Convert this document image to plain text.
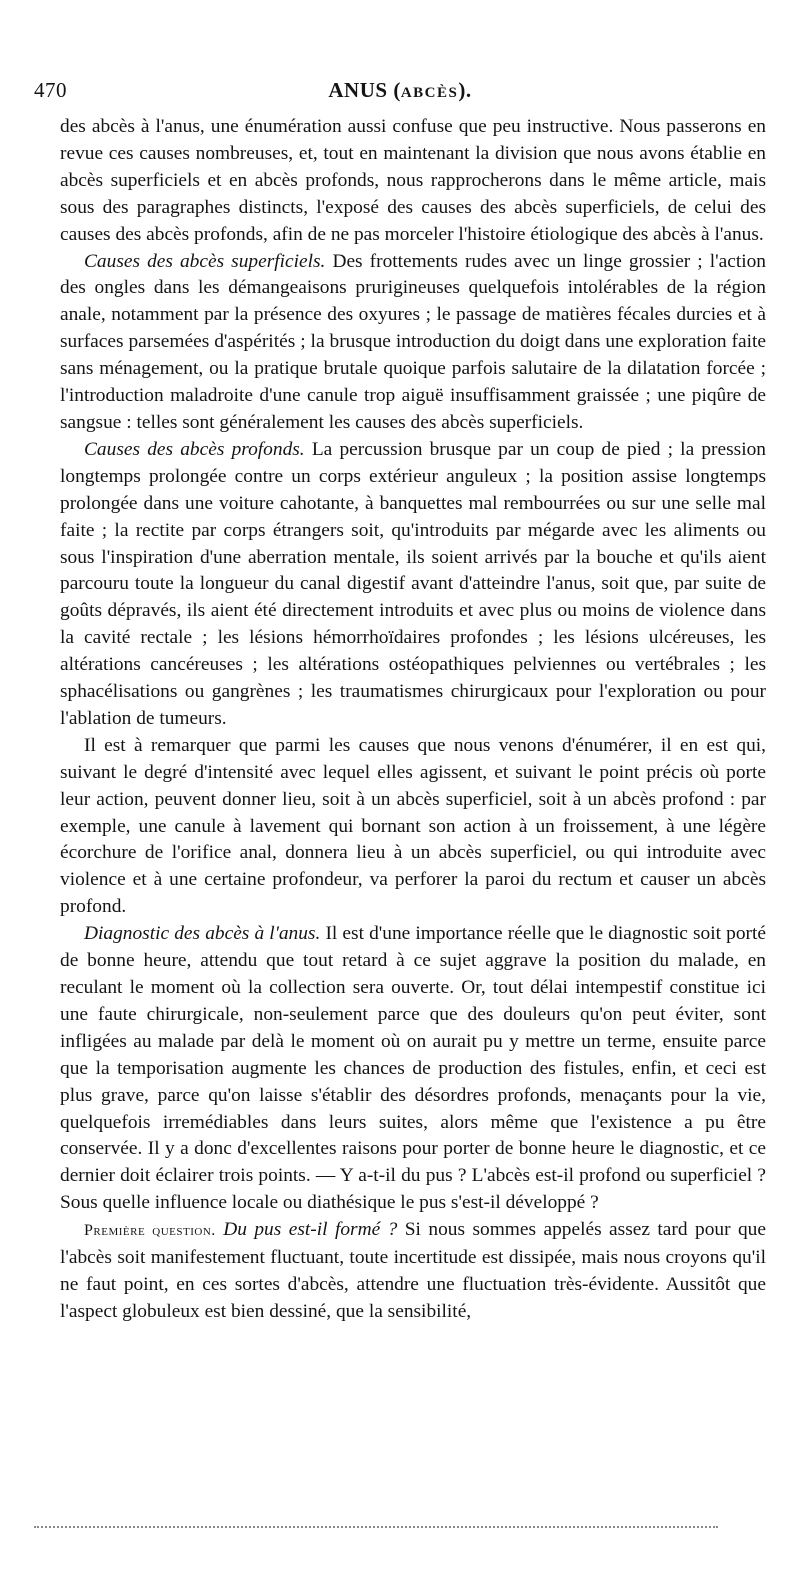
470	ANUS (ABCÈS).

des abcès à l'anus, une énumération aussi confuse que peu instructive. Nous passerons en revue ces causes nombreuses, et, tout en maintenant la division que nous avons établie en abcès superficiels et en abcès profonds, nous rapprocherons dans le même article, mais sous des paragraphes distincts, l'exposé des causes des abcès superficiels, de celui des causes des abcès profonds, afin de ne pas morceler l'histoire étiologique des abcès à l'anus.

Causes des abcès superficiels. Des frottements rudes avec un linge grossier ; l'action des ongles dans les démangeaisons prurigineuses quelquefois intolérables de la région anale, notamment par la présence des oxyures ; le passage de matières fécales durcies et à surfaces parsemées d'aspérités ; la brusque introduction du doigt dans une exploration faite sans ménagement, ou la pratique brutale quoique parfois salutaire de la dilatation forcée ; l'introduction maladroite d'une canule trop aiguë insuffisamment graissée ; une piqûre de sangsue : telles sont généralement les causes des abcès superficiels.

Causes des abcès profonds. La percussion brusque par un coup de pied ; la pression longtemps prolongée contre un corps extérieur anguleux ; la position assise longtemps prolongée dans une voiture cahotante, à banquettes mal rembourrées ou sur une selle mal faite ; la rectite par corps étrangers soit, qu'introduits par mégarde avec les aliments ou sous l'inspiration d'une aberration mentale, ils soient arrivés par la bouche et qu'ils aient parcouru toute la longueur du canal digestif avant d'atteindre l'anus, soit que, par suite de goûts dépravés, ils aient été directement introduits et avec plus ou moins de violence dans la cavité rectale ; les lésions hémorrhoïdaires profondes ; les lésions ulcéreuses, les altérations cancéreuses ; les altérations ostéopathiques pelviennes ou vertébrales ; les sphacélisations ou gangrènes ; les traumatismes chirurgicaux pour l'exploration ou pour l'ablation de tumeurs.

Il est à remarquer que parmi les causes que nous venons d'énumérer, il en est qui, suivant le degré d'intensité avec lequel elles agissent, et suivant le point précis où porte leur action, peuvent donner lieu, soit à un abcès superficiel, soit à un abcès profond : par exemple, une canule à lavement qui bornant son action à un froissement, à une légère écorchure de l'orifice anal, donnera lieu à un abcès superficiel, ou qui introduite avec violence et à une certaine profondeur, va perforer la paroi du rectum et causer un abcès profond.

Diagnostic des abcès à l'anus. Il est d'une importance réelle que le diagnostic soit porté de bonne heure, attendu que tout retard à ce sujet aggrave la position du malade, en reculant le moment où la collection sera ouverte. Or, tout délai intempestif constitue ici une faute chirurgicale, non-seulement parce que des douleurs qu'on peut éviter, sont infligées au malade par delà le moment où on aurait pu y mettre un terme, ensuite parce que la temporisation augmente les chances de production des fistules, enfin, et ceci est plus grave, parce qu'on laisse s'établir des désordres profonds, menaçants pour la vie, quelquefois irremédiables dans leurs suites, alors même que l'existence a pu être conservée. Il y a donc d'excellentes raisons pour porter de bonne heure le diagnostic, et ce dernier doit éclairer trois points. — Y a-t-il du pus ? L'abcès est-il profond ou superficiel ? Sous quelle influence locale ou diathésique le pus s'est-il développé ?

Première question. Du pus est-il formé ? Si nous sommes appelés assez tard pour que l'abcès soit manifestement fluctuant, toute incertitude est dissipée, mais nous croyons qu'il ne faut point, en ces sortes d'abcès, attendre une fluctuation très-évidente. Aussitôt que l'aspect globuleux est bien dessiné, que la sensibilité,
